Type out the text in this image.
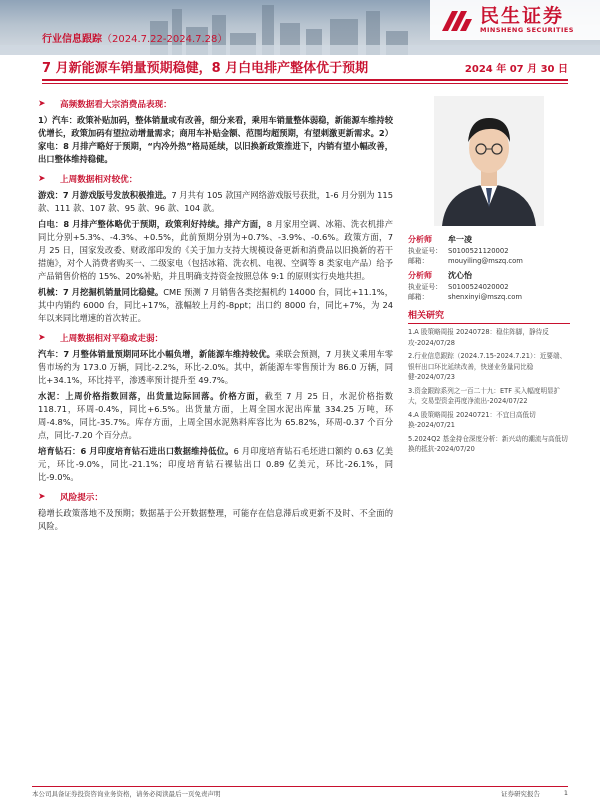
民生证券
MINSHENG SECURITIES
行业信息跟踪（2024.7.22-2024.7.28）
7 月新能源车销量预期稳健，8 月白电排产整体优于预期	2024 年 07 月 30 日
➤	高频数据看大宗消费品表现：

1）汽车：政策补贴加码，整体销量或有改善，细分来看，乘用车销量整体弱稳，新能源车维持较优增长，政策加码有望拉动增量需求；商用车补贴金额、范围均超预期，有望刺激更新需求。2）家电：8 月排产略好于预期，“内冷外热”格局延续，以旧换新政策推进下，内销有望小幅改善，出口整体维持稳健。

➤	上周数据相对较优：

游戏：7 月游戏版号发放积极推进。7 月共有 105 款国产网络游戏版号获批，1-6 月分别为 115 款、111 款、107 款、95 款、96 款、104 款。

白电：8 月排产整体略优于预期，政策利好持续。排产方面，8 月家用空调、冰箱、洗衣机排产同比分别+5.3%、-4.3%、+0.5%，此前预期分别为+0.7%、-3.9%、-0.6%。政策方面，7 月 25 日，国家发改委、财政部印发的《关于加力支持大规模设备更新和消费品以旧换新的若干措施》，对个人消费者购买一、二级家电（包括冰箱、洗衣机、电视、空调等 8 类家电产品）给予产品销售价格的 15%、20%补贴，并且明确支持资金按照总体 9:1 的原则实行央地共担。

机械：7 月挖掘机销量同比稳健。CME 预测 7 月销售各类挖掘机约 14000 台，同比+11.1%，其中内销约 6000 台，同比+17%，涨幅较上月约-8ppt；出口约 8000 台，同比+7%，为 24 年以来同比增速的首次转正。

➤	上周数据相对平稳或走弱：

汽车：7 月整体销量预期同环比小幅负增，新能源车维持较优。乘联会预测，7 月狭义乘用车零售市场约为 173.0 万辆，同比-2.2%，环比-2.0%。其中，新能源车零售预计为 86.0 万辆，同比+34.1%，环比持平，渗透率预计提升至 49.7%。

水泥：上周价格指数回落，出货量边际回落。价格方面，截至 7 月 25 日，水泥价格指数 118.71，环周-0.4%，同比+6.5%。出货量方面，上周全国水泥出库量 334.25 万吨，环周-4.8%，同比-35.7%。库存方面，上周全国水泥熟料库容比为 65.82%，环周-0.37 个百分点，同比-7.20 个百分点。

培育钻石：6 月印度培育钻石进出口数据维持低位。6 月印度培育钻石毛坯进口额约 0.63 亿美元，环比-9.0%，同比-21.1%；印度培育钻石裸钻出口 0.89 亿美元，环比-26.1%，同比-9.0%。

➤	风险提示：

稳增长政策落地不及预期；数据基于公开数据整理，可能存在信息滞后或更新不及时、不全面的风险。

分析师	牟一凌
执业证号： S0100521120002
邮箱：	mouyiling@mszq.com
分析师	沈心怡
执业证号： S0100524020002
邮箱：	shenxinyi@mszq.com
相关研究
1.A 股策略周报 20240728：稳住阵脚，静待反攻-2024/07/28
2.行业信息跟踪（2024.7.15-2024.7.21）：近要端、银杆出口环比延续改善，快递业务量同比稳健-2024/07/23
3.资金跟踪系列之一百二十九：ETF 买入幅度明显扩大，交易型资金再度净流出-2024/07/22
4.A 股策略周报 20240721：不宜目高低切换-2024/07/21
5.2024Q2 基金持仓深度分析：新兴动的潮流与高低切换的抵抗-2024/07/20
本公司具备证券投资咨询业务资格，请务必阅读最后一页免责声明	证券研究报告	1
